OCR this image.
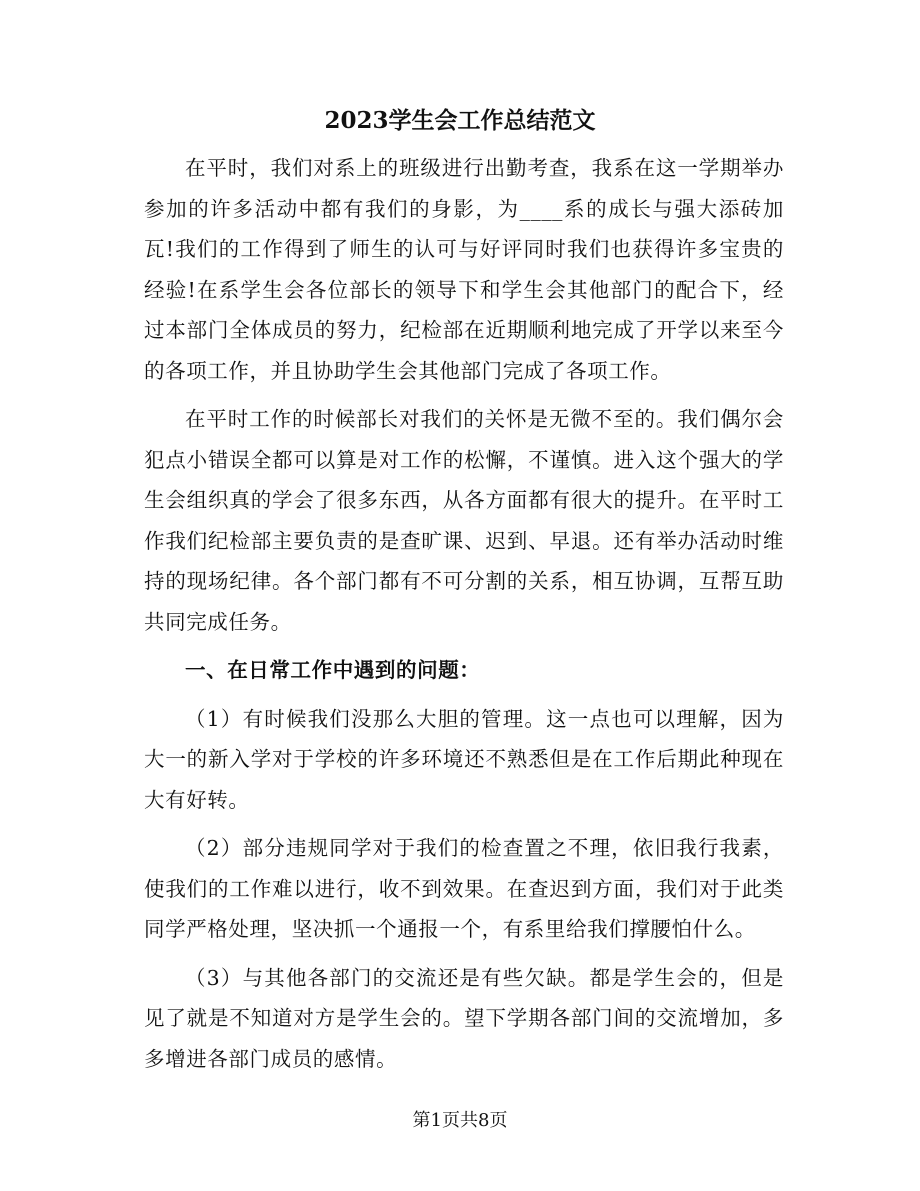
2023学生会工作总结范文

在平时，我们对系上的班级进行出勤考查，我系在这一学期举办参加的许多活动中都有我们的身影，为____系的成长与强大添砖加瓦!我们的工作得到了师生的认可与好评同时我们也获得许多宝贵的经验!在系学生会各位部长的领导下和学生会其他部门的配合下，经过本部门全体成员的努力，纪检部在近期顺利地完成了开学以来至今的各项工作，并且协助学生会其他部门完成了各项工作。

在平时工作的时候部长对我们的关怀是无微不至的。我们偶尔会犯点小错误全都可以算是对工作的松懈，不谨慎。进入这个强大的学生会组织真的学会了很多东西，从各方面都有很大的提升。在平时工作我们纪检部主要负责的是查旷课、迟到、早退。还有举办活动时维持的现场纪律。各个部门都有不可分割的关系，相互协调，互帮互助共同完成任务。

一、在日常工作中遇到的问题：

（1）有时候我们没那么大胆的管理。这一点也可以理解，因为大一的新入学对于学校的许多环境还不熟悉但是在工作后期此种现在大有好转。

（2）部分违规同学对于我们的检查置之不理，依旧我行我素，使我们的工作难以进行，收不到效果。在查迟到方面，我们对于此类同学严格处理，坚决抓一个通报一个，有系里给我们撑腰怕什么。

（3）与其他各部门的交流还是有些欠缺。都是学生会的，但是见了就是不知道对方是学生会的。望下学期各部门间的交流增加，多多增进各部门成员的感情。

第1页共8页
